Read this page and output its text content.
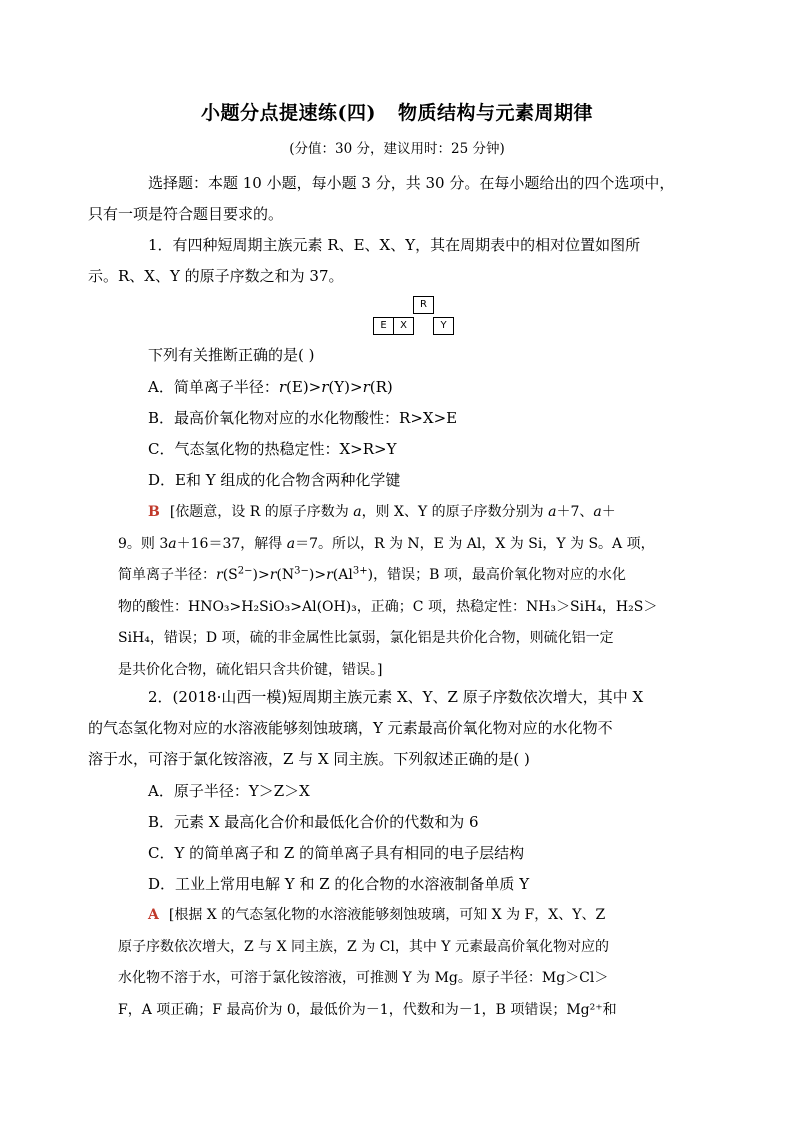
小题分点提速练(四) 物质结构与元素周期律
(分值：30 分，建议用时：25 分钟)
选择题：本题 10 小题，每小题 3 分，共 30 分。在每小题给出的四个选项中，
只有一项是符合题目要求的。
1．有四种短周期主族元素 R、E、X、Y，其在周期表中的相对位置如图所
示。R、X、Y 的原子序数之和为 37。
R
E	X	Y
下列有关推断正确的是( )
A．简单离子半径：r(E)>r(Y)>r(R)
B．最高价氧化物对应的水化物酸性：R>X>E
C．气态氢化物的热稳定性：X>R>Y
D．E和 Y 组成的化合物含两种化学键
B [依题意，设 R 的原子序数为 a，则 X、Y 的原子序数分别为 a＋7、a＋
9。则 3a＋16＝37，解得 a＝7。所以，R 为 N，E 为 Al，X 为 Si，Y 为 S。A 项，
简单离子半径：$r(S^{2-})>r(N^{3-})>r(Al^{3+})$，错误；B 项，最高价氧化物对应的水化
物的酸性：HNO₃>H₂SiO₃>Al(OH)₃，正确；C 项，热稳定性：NH₃＞SiH₄，H₂S＞
SiH₄，错误；D 项，硫的非金属性比氯弱，氯化铝是共价化合物，则硫化铝一定
是共价化合物，硫化铝只含共价键，错误。]
2．(2018·山西一模)短周期主族元素 X、Y、Z 原子序数依次增大，其中 X
的气态氢化物对应的水溶液能够刻蚀玻璃，Y 元素最高价氧化物对应的水化物不
溶于水，可溶于氯化铵溶液，Z 与 X 同主族。下列叙述正确的是( )
A．原子半径：Y＞Z＞X
B．元素 X 最高化合价和最低化合价的代数和为 6
C．Y 的简单离子和 Z 的简单离子具有相同的电子层结构
D．工业上常用电解 Y 和 Z 的化合物的水溶液制备单质 Y
A [根据 X 的气态氢化物的水溶液能够刻蚀玻璃，可知 X 为 F，X、Y、Z
原子序数依次增大，Z 与 X 同主族，Z 为 Cl，其中 Y 元素最高价氧化物对应的
水化物不溶于水，可溶于氯化铵溶液，可推测 Y 为 Mg。原子半径：Mg＞Cl＞
F，A 项正确；F 最高价为 0，最低价为－1，代数和为－1，B 项错误；Mg²⁺和
